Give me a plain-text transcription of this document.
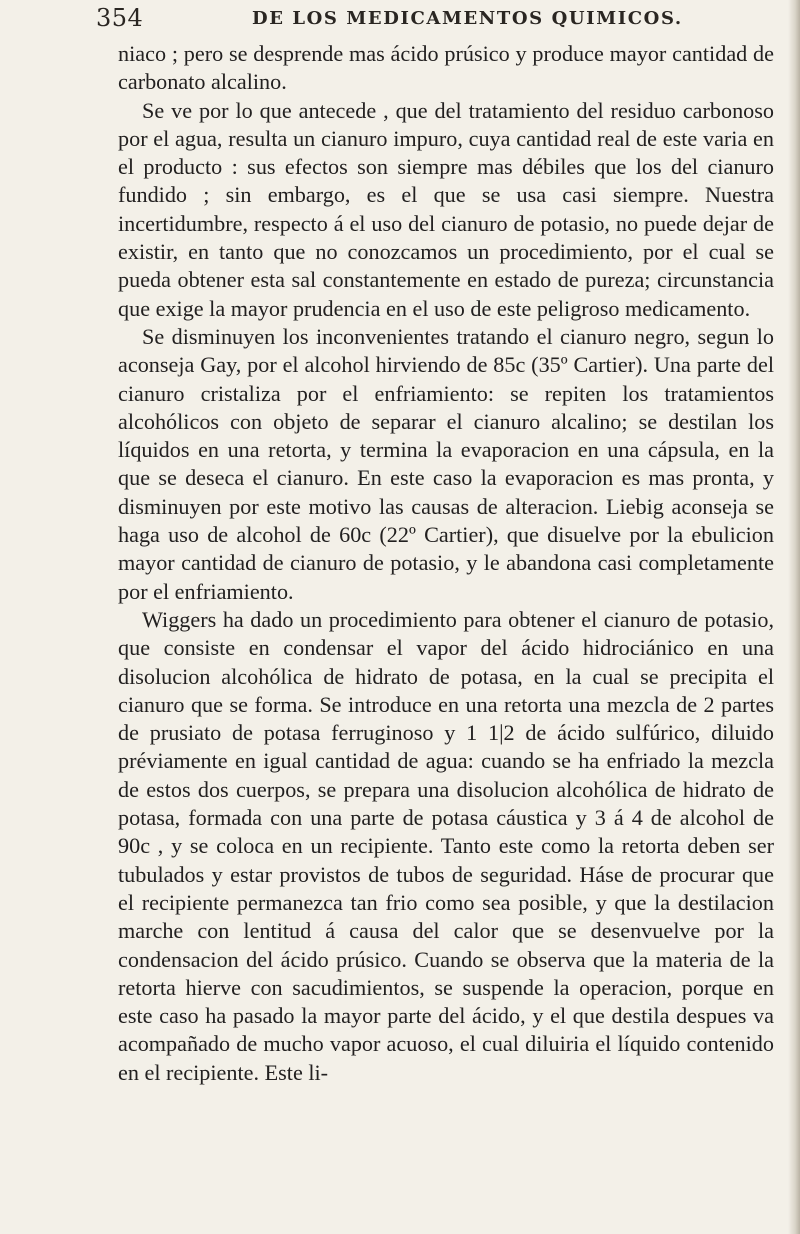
354	DE LOS MEDICAMENTOS QUIMICOS.

niaco ; pero se desprende mas ácido prúsico y produce mayor cantidad de carbonato alcalino.

Se ve por lo que antecede , que del tratamiento del residuo carbonoso por el agua, resulta un cianuro impuro, cuya cantidad real de este varia en el producto : sus efectos son siempre mas débiles que los del cianuro fundido ; sin embargo, es el que se usa casi siempre. Nuestra incertidumbre, respecto á el uso del cianuro de potasio, no puede dejar de existir, en tanto que no conozcamos un procedimiento, por el cual se pueda obtener esta sal constantemente en estado de pureza; circunstancia que exige la mayor prudencia en el uso de este peligroso medicamento.

Se disminuyen los inconvenientes tratando el cianuro negro, segun lo aconseja Gay, por el alcohol hirviendo de 85c (35º Cartier). Una parte del cianuro cristaliza por el enfriamiento: se repiten los tratamientos alcohólicos con objeto de separar el cianuro alcalino; se destilan los líquidos en una retorta, y termina la evaporacion en una cápsula, en la que se deseca el cianuro. En este caso la evaporacion es mas pronta, y disminuyen por este motivo las causas de alteracion. Liebig aconseja se haga uso de alcohol de 60c (22º Cartier), que disuelve por la ebulicion mayor cantidad de cianuro de potasio, y le abandona casi completamente por el enfriamiento.

Wiggers ha dado un procedimiento para obtener el cianuro de potasio, que consiste en condensar el vapor del ácido hidrociánico en una disolucion alcohólica de hidrato de potasa, en la cual se precipita el cianuro que se forma. Se introduce en una retorta una mezcla de 2 partes de prusiato de potasa ferruginoso y 1 1|2 de ácido sulfúrico, diluido préviamente en igual cantidad de agua: cuando se ha enfriado la mezcla de estos dos cuerpos, se prepara una disolucion alcohólica de hidrato de potasa, formada con una parte de potasa cáustica y 3 á 4 de alcohol de 90c , y se coloca en un recipiente. Tanto este como la retorta deben ser tubulados y estar provistos de tubos de seguridad. Háse de procurar que el recipiente permanezca tan frio como sea posible, y que la destilacion marche con lentitud á causa del calor que se desenvuelve por la condensacion del ácido prúsico. Cuando se observa que la materia de la retorta hierve con sacudimientos, se suspende la operacion, porque en este caso ha pasado la mayor parte del ácido, y el que destila despues va acompañado de mucho vapor acuoso, el cual diluiria el líquido contenido en el recipiente. Este li-
